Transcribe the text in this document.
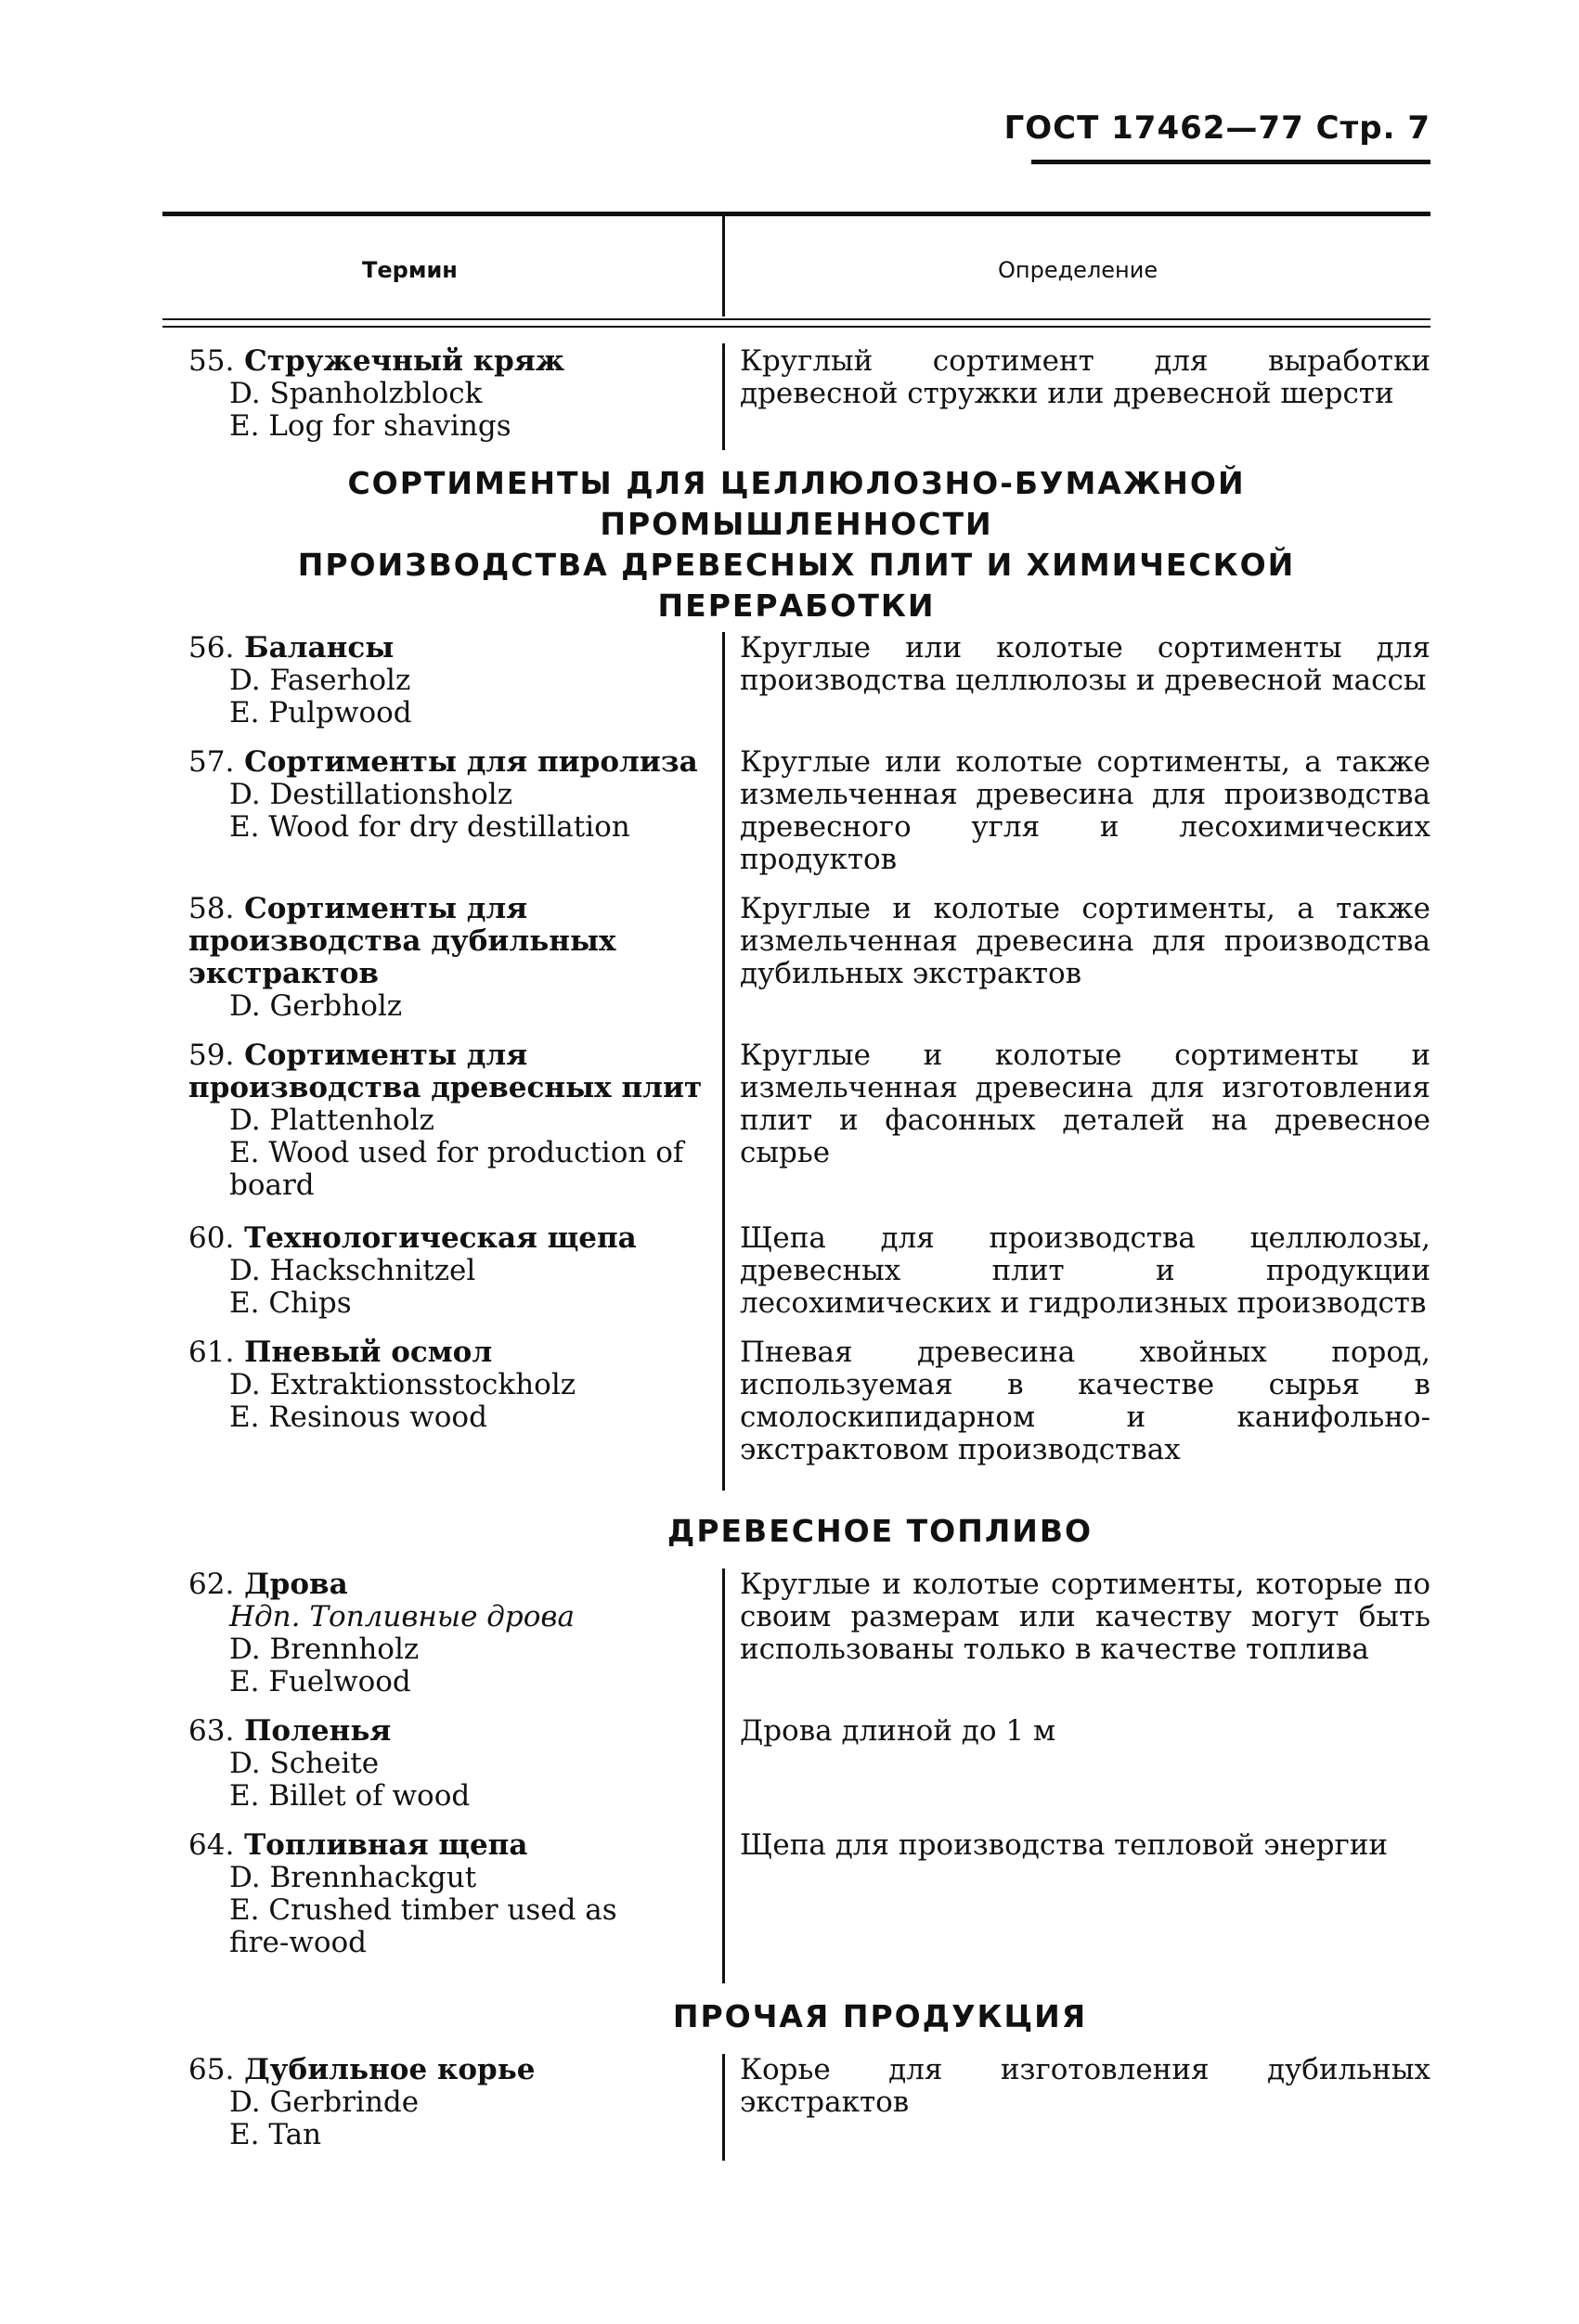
ГОСТ 17462—77 Стр. 7
Термин	Определение
55. Стружечный кряж
D. Spanholzblock
E. Log for shavings
Круглый сортимент для выработки древесной стружки или древесной шерсти
СОРТИМЕНТЫ ДЛЯ ЦЕЛЛЮЛОЗНО-БУМАЖНОЙ ПРОМЫШЛЕННОСТИ
ПРОИЗВОДСТВА ДРЕВЕСНЫХ ПЛИТ И ХИМИЧЕСКОЙ ПЕРЕРАБОТКИ
56. Балансы
D. Faserholz
E. Pulpwood
Круглые или колотые сортименты для производства целлюлозы и древесной массы
57. Сортименты для пиролиза
D. Destillationsholz
E. Wood for dry destillation
Круглые или колотые сортименты, а также измельченная древесина для производства древесного угля и лесохимических продуктов
58. Сортименты для производства дубильных экстрактов
D. Gerbholz
Круглые и колотые сортименты, а также измельченная древесина для производства дубильных экстрактов
59. Сортименты для производства древесных плит
D. Plattenholz
E. Wood used for production of board
Круглые и колотые сортименты и измельченная древесина для изготовления плит и фасонных деталей на древесное сырье
60. Технологическая щепа
D. Hackschnitzel
E. Chips
Щепа для производства целлюлозы, древесных плит и продукции лесохимических и гидролизных производств
61. Пневый осмол
D. Extraktionsstockholz
E. Resinous wood
Пневая древесина хвойных пород, используемая в качестве сырья в смолоскипидарном и канифольно-экстрактовом производствах
ДРЕВЕСНОЕ ТОПЛИВО
62. Дрова
Ндп. Топливные дрова
D. Brennholz
E. Fuelwood
Круглые и колотые сортименты, которые по своим размерам или качеству могут быть использованы только в качестве топлива
63. Поленья
D. Scheite
E. Billet of wood
Дрова длиной до 1 м
64. Топливная щепа
D. Brennhackgut
E. Crushed timber used as fire-wood
Щепа для производства тепловой энергии
ПРОЧАЯ ПРОДУКЦИЯ
65. Дубильное корье
D. Gerbrinde
E. Tan
Корье для изготовления дубильных экстрактов
